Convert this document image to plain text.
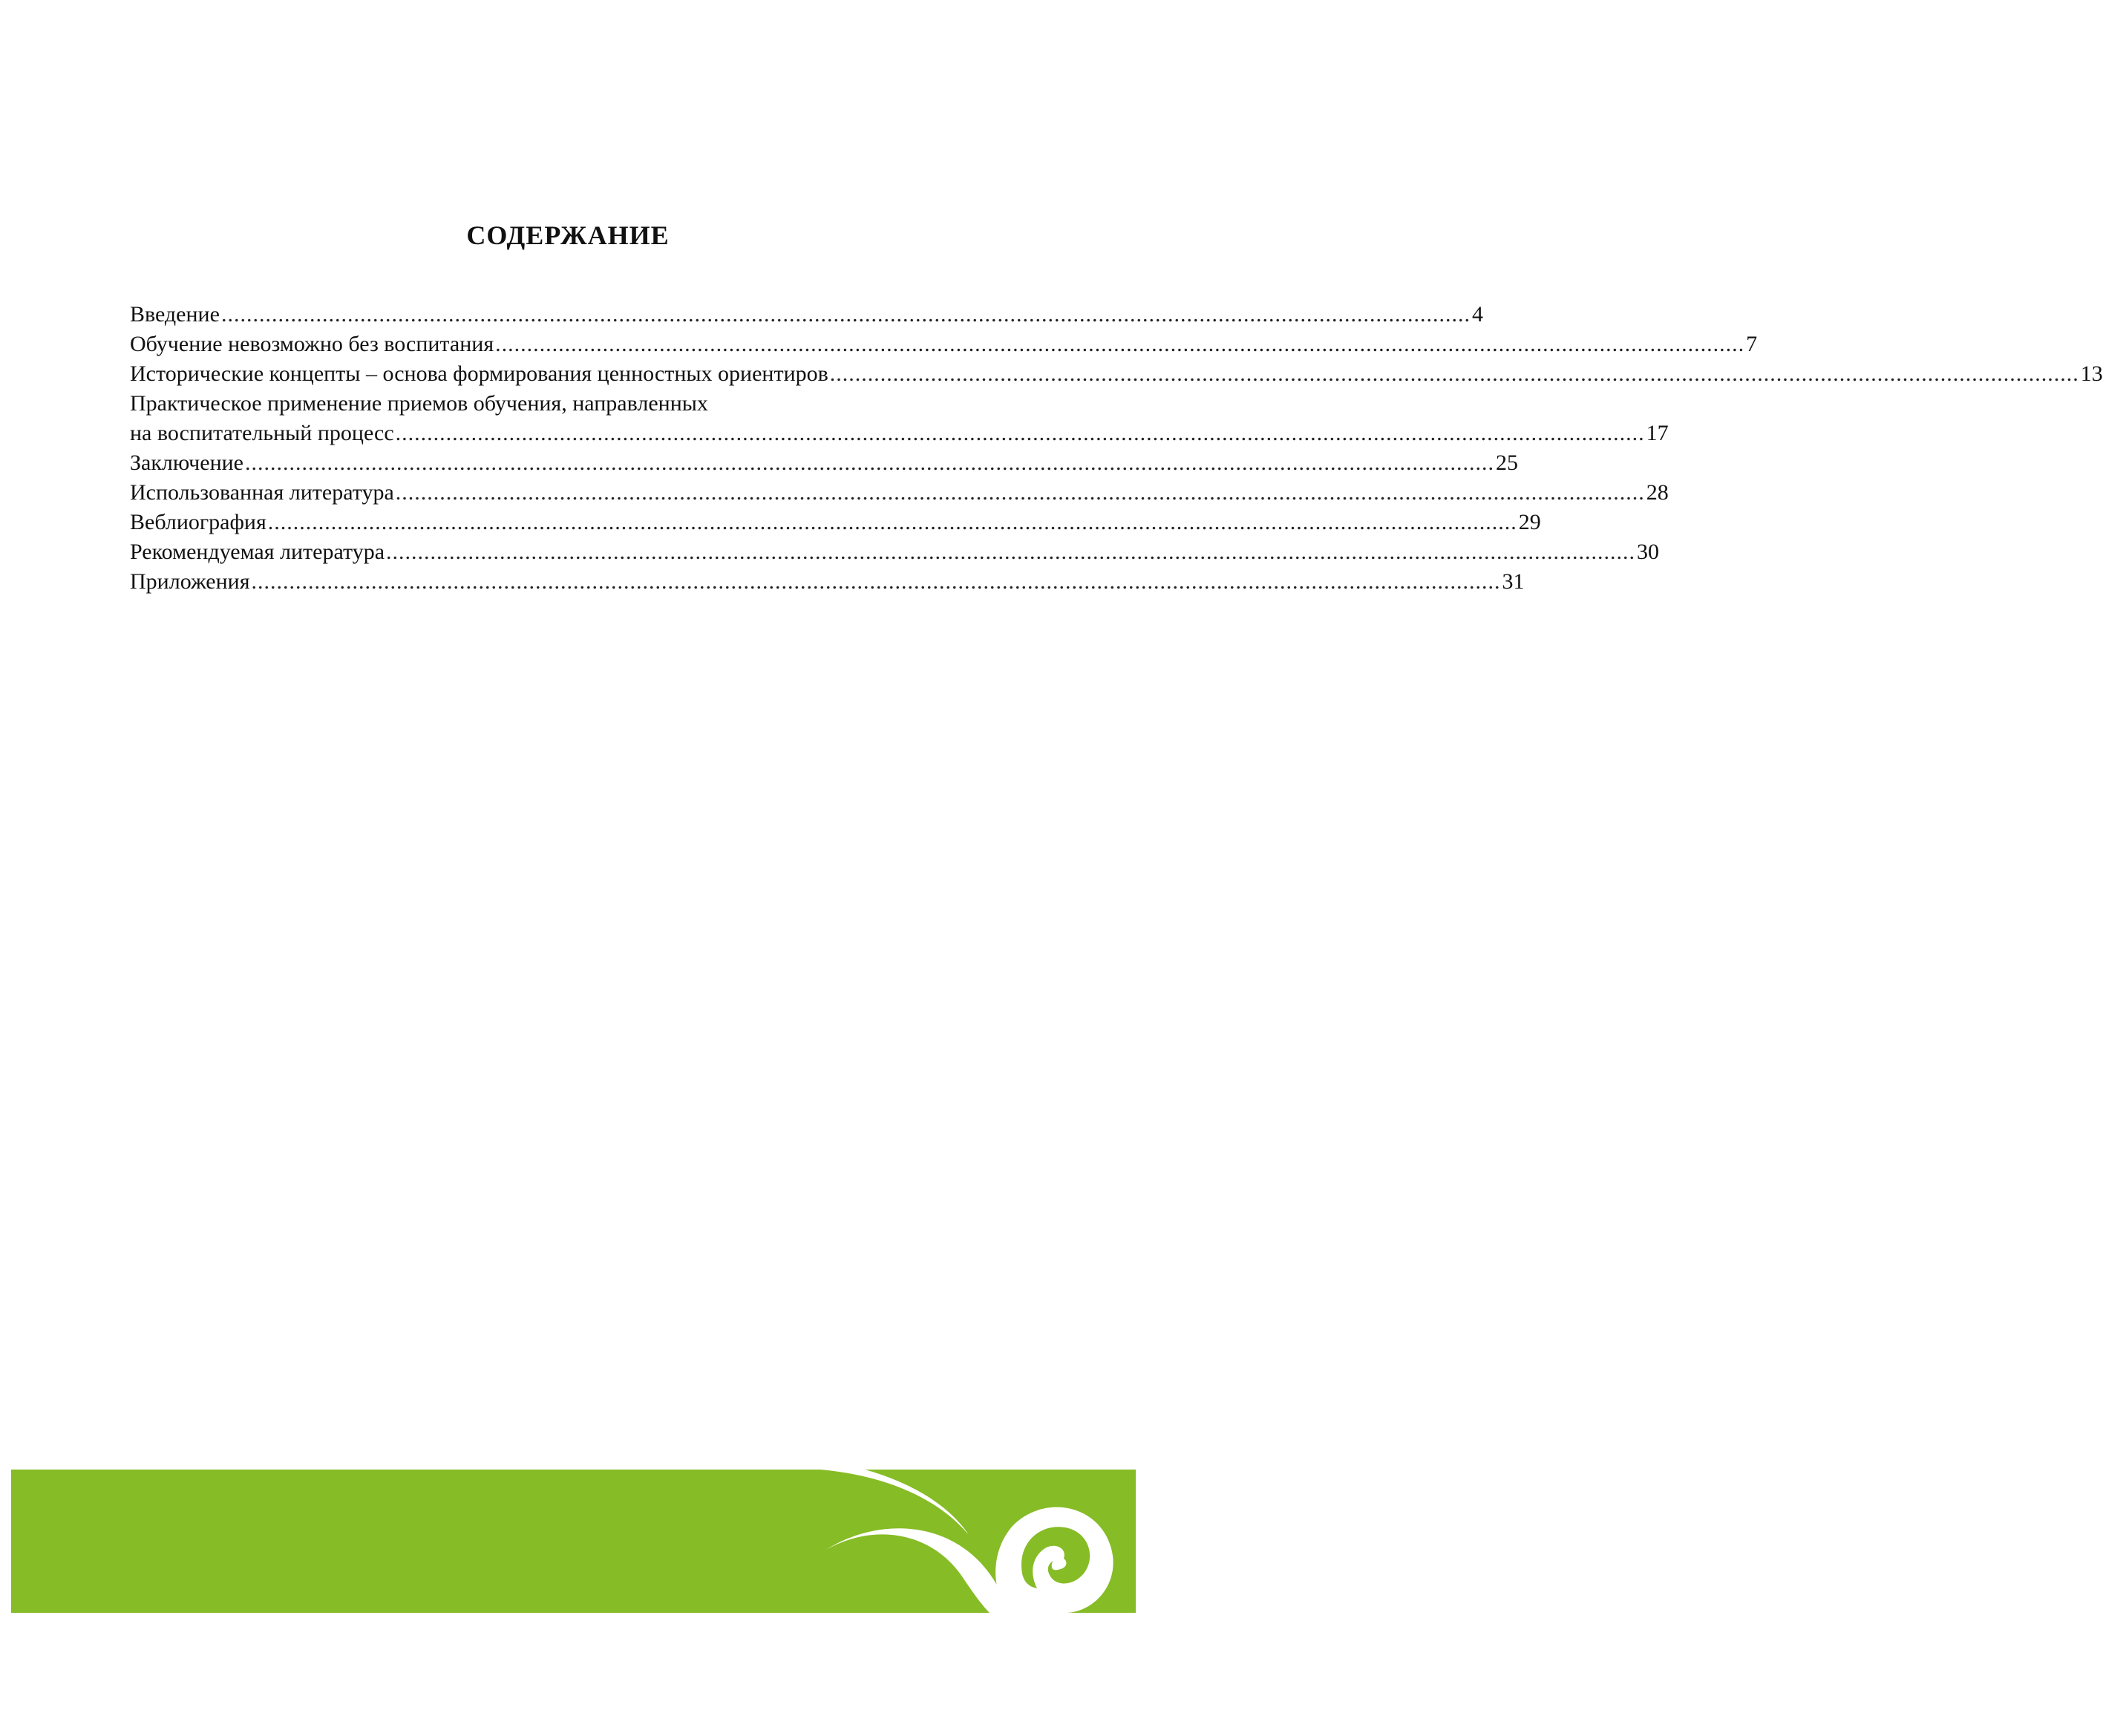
СОДЕРЖАНИЕ
Введение ...................................................................................................................................................................................................... 4
Обучение невозможно без воспитания ...................................................................................................................................................................................................... 7
Исторические концепты – основа формирования ценностных ориентиров ...................................................................................................................................................................................................... 13
Практическое применение приемов обучения, направленных
на воспитательный процесс ...................................................................................................................................................................................................... 17
Заключение ...................................................................................................................................................................................................... 25
Использованная литература ...................................................................................................................................................................................................... 28
Веблиография ...................................................................................................................................................................................................... 29
Рекомендуемая литература ...................................................................................................................................................................................................... 30
Приложения ...................................................................................................................................................................................................... 31
